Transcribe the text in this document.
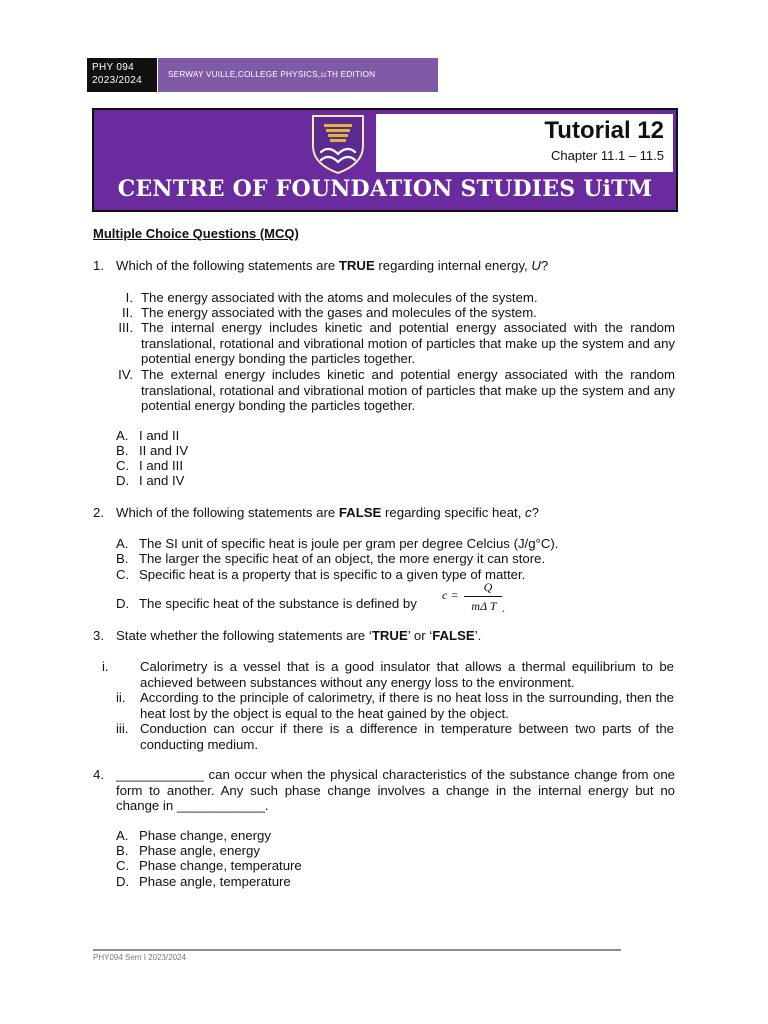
PHY 094
2023/2024
SERWAY VUILLE,COLLEGE PHYSICS,11TH EDITION
Tutorial 12
Chapter 11.1 – 11.5
CENTRE OF FOUNDATION STUDIES UiTM
Multiple Choice Questions (MCQ)
1. Which of the following statements are TRUE regarding internal energy, U?
I. The energy associated with the atoms and molecules of the system.
II. The energy associated with the gases and molecules of the system.
III. The internal energy includes kinetic and potential energy associated with the random translational, rotational and vibrational motion of particles that make up the system and any potential energy bonding the particles together.
IV. The external energy includes kinetic and potential energy associated with the random translational, rotational and vibrational motion of particles that make up the system and any potential energy bonding the particles together.
A. I and II
B. II and IV
C. I and III
D. I and IV
2. Which of the following statements are FALSE regarding specific heat, c?
A. The SI unit of specific heat is joule per gram per degree Celcius (J/g°C).
B. The larger the specific heat of an object, the more energy it can store.
C. Specific heat is a property that is specific to a given type of matter.
D. The specific heat of the substance is defined by
c =
Q
mΔ T .
3. State whether the following statements are ‘TRUE’ or ‘FALSE’.
i.	Calorimetry is a vessel that is a good insulator that allows a thermal equilibrium to be achieved between substances without any energy loss to the environment.
ii.	According to the principle of calorimetry, if there is no heat loss in the surrounding, then the heat lost by the object is equal to the heat gained by the object.
iii. Conduction can occur if there is a difference in temperature between two parts of the conducting medium.
4. ____________ can occur when the physical characteristics of the substance change from one form to another. Any such phase change involves a change in the internal energy but no change in ____________.
A. Phase change, energy
B. Phase angle, energy
C. Phase change, temperature
D. Phase angle, temperature
PHY094 Sem I 2023/2024
